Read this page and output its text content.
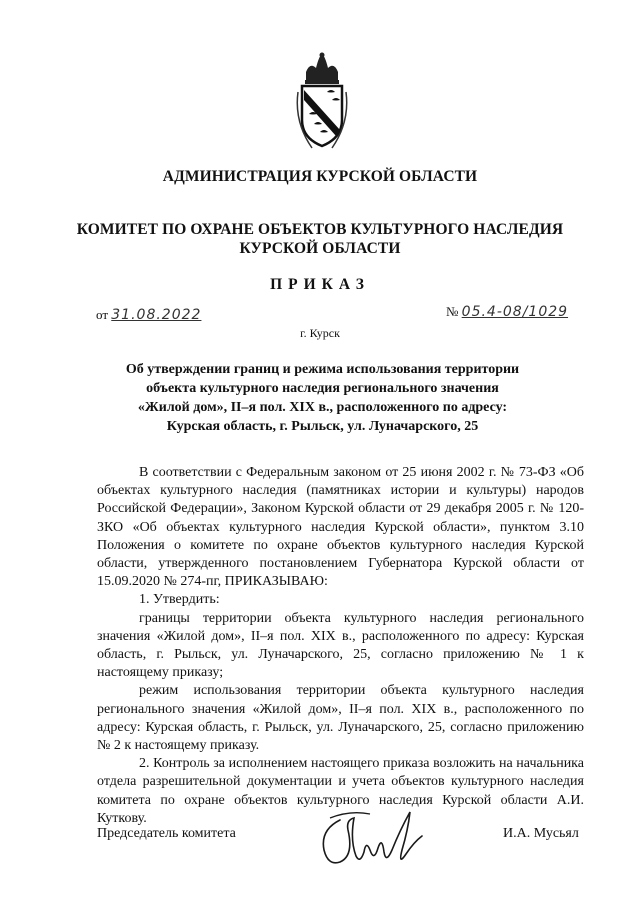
АДМИНИСТРАЦИЯ КУРСКОЙ ОБЛАСТИ
КОМИТЕТ ПО ОХРАНЕ ОБЪЕКТОВ КУЛЬТУРНОГО НАСЛЕДИЯ
КУРСКОЙ ОБЛАСТИ
ПРИКАЗ
от 31.08.2022	№ 05.4-08/1029
г. Курск
Об утверждении границ и режима использования территории
объекта культурного наследия регионального значения
«Жилой дом», II–я пол. XIX в., расположенного по адресу:
Курская область, г. Рыльск, ул. Луначарского, 25

В соответствии с Федеральным законом от 25 июня 2002 г. № 73-ФЗ «Об объектах культурного наследия (памятниках истории и культуры) народов Российской Федерации», Законом Курской области от 29 декабря 2005 г. № 120-ЗКО «Об объектах культурного наследия Курской области», пунктом 3.10 Положения о комитете по охране объектов культурного наследия Курской области, утвержденного постановлением Губернатора Курской области от 15.09.2020 № 274-пг, ПРИКАЗЫВАЮ:

1. Утвердить:

границы территории объекта культурного наследия регионального значения «Жилой дом», II–я пол. XIX в., расположенного по адресу: Курская область, г. Рыльск, ул. Луначарского, 25, согласно приложению № 1 к настоящему приказу;

режим использования территории объекта культурного наследия регионального значения «Жилой дом», II–я пол. XIX в., расположенного по адресу: Курская область, г. Рыльск, ул. Луначарского, 25, согласно приложению № 2 к настоящему приказу.

2. Контроль за исполнением настоящего приказа возложить на начальника отдела разрешительной документации и учета объектов культурного наследия комитета по охране объектов культурного наследия Курской области А.И. Куткову.

Председатель комитета	И.А. Мусьял
